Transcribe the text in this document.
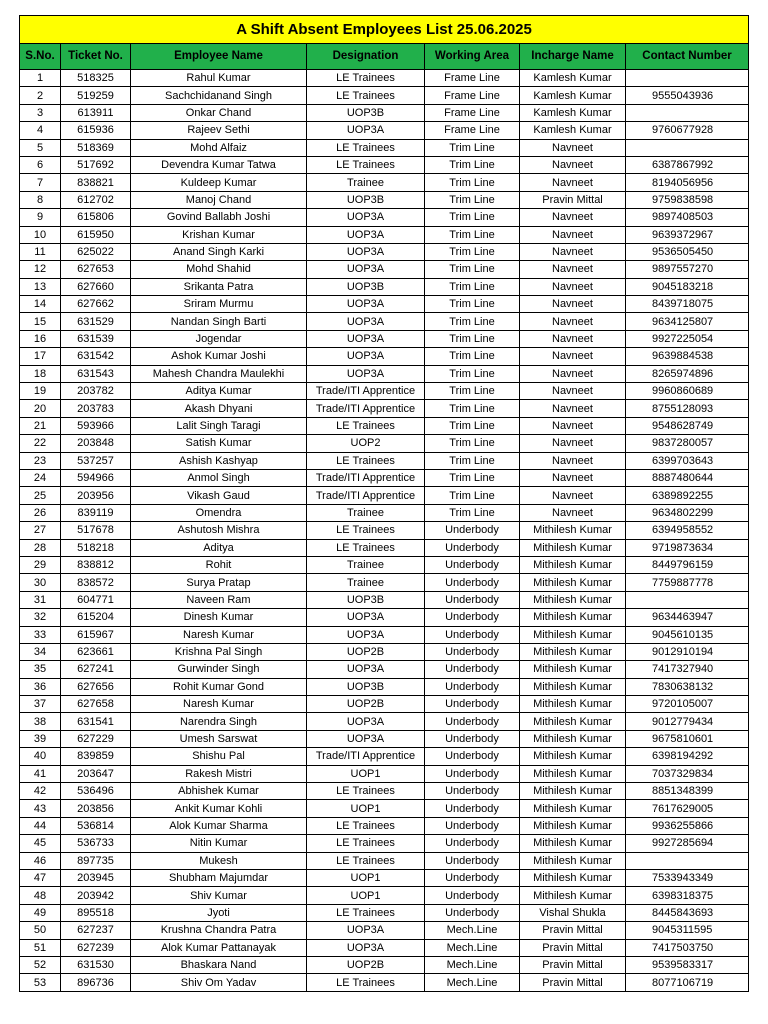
A Shift Absent Employees List 25.06.2025						
S.No.	Ticket No.	Employee Name	Designation	Working Area	Incharge Name	Contact Number
1	518325	Rahul Kumar	LE Trainees	Frame Line	Kamlesh Kumar	
2	519259	Sachchidanand Singh	LE Trainees	Frame Line	Kamlesh Kumar	9555043936
3	613911	Onkar Chand	UOP3B	Frame Line	Kamlesh Kumar	
4	615936	Rajeev Sethi	UOP3A	Frame Line	Kamlesh Kumar	9760677928
5	518369	Mohd Alfaiz	LE Trainees	Trim Line	Navneet	
6	517692	Devendra Kumar Tatwa	LE Trainees	Trim Line	Navneet	6387867992
7	838821	Kuldeep Kumar	Trainee	Trim Line	Navneet	8194056956
8	612702	Manoj Chand	UOP3B	Trim Line	Pravin Mittal	9759838598
9	615806	Govind Ballabh Joshi	UOP3A	Trim Line	Navneet	9897408503
10	615950	Krishan Kumar	UOP3A	Trim Line	Navneet	9639372967
11	625022	Anand Singh Karki	UOP3A	Trim Line	Navneet	9536505450
12	627653	Mohd Shahid	UOP3A	Trim Line	Navneet	9897557270
13	627660	Srikanta Patra	UOP3B	Trim Line	Navneet	9045183218
14	627662	Sriram Murmu	UOP3A	Trim Line	Navneet	8439718075
15	631529	Nandan Singh Barti	UOP3A	Trim Line	Navneet	9634125807
16	631539	Jogendar	UOP3A	Trim Line	Navneet	9927225054
17	631542	Ashok Kumar Joshi	UOP3A	Trim Line	Navneet	9639884538
18	631543	Mahesh Chandra Maulekhi	UOP3A	Trim Line	Navneet	8265974896
19	203782	Aditya Kumar	Trade/ITI Apprentice	Trim Line	Navneet	9960860689
20	203783	Akash Dhyani	Trade/ITI Apprentice	Trim Line	Navneet	8755128093
21	593966	Lalit Singh Taragi	LE Trainees	Trim Line	Navneet	9548628749
22	203848	Satish Kumar	UOP2	Trim Line	Navneet	9837280057
23	537257	Ashish Kashyap	LE Trainees	Trim Line	Navneet	6399703643
24	594966	Anmol Singh	Trade/ITI Apprentice	Trim Line	Navneet	8887480644
25	203956	Vikash Gaud	Trade/ITI Apprentice	Trim Line	Navneet	6389892255
26	839119	Omendra	Trainee	Trim Line	Navneet	9634802299
27	517678	Ashutosh Mishra	LE Trainees	Underbody	Mithilesh Kumar	6394958552
28	518218	Aditya	LE Trainees	Underbody	Mithilesh Kumar	9719873634
29	838812	Rohit	Trainee	Underbody	Mithilesh Kumar	8449796159
30	838572	Surya Pratap	Trainee	Underbody	Mithilesh Kumar	7759887778
31	604771	Naveen Ram	UOP3B	Underbody	Mithilesh Kumar	
32	615204	Dinesh Kumar	UOP3A	Underbody	Mithilesh Kumar	9634463947
33	615967	Naresh Kumar	UOP3A	Underbody	Mithilesh Kumar	9045610135
34	623661	Krishna Pal Singh	UOP2B	Underbody	Mithilesh Kumar	9012910194
35	627241	Gurwinder Singh	UOP3A	Underbody	Mithilesh Kumar	7417327940
36	627656	Rohit Kumar Gond	UOP3B	Underbody	Mithilesh Kumar	7830638132
37	627658	Naresh Kumar	UOP2B	Underbody	Mithilesh Kumar	9720105007
38	631541	Narendra Singh	UOP3A	Underbody	Mithilesh Kumar	9012779434
39	627229	Umesh Sarswat	UOP3A	Underbody	Mithilesh Kumar	9675810601
40	839859	Shishu Pal	Trade/ITI Apprentice	Underbody	Mithilesh Kumar	6398194292
41	203647	Rakesh Mistri	UOP1	Underbody	Mithilesh Kumar	7037329834
42	536496	Abhishek Kumar	LE Trainees	Underbody	Mithilesh Kumar	8851348399
43	203856	Ankit Kumar Kohli	UOP1	Underbody	Mithilesh Kumar	7617629005
44	536814	Alok Kumar Sharma	LE Trainees	Underbody	Mithilesh Kumar	9936255866
45	536733	Nitin Kumar	LE Trainees	Underbody	Mithilesh Kumar	9927285694
46	897735	Mukesh	LE Trainees	Underbody	Mithilesh Kumar	
47	203945	Shubham Majumdar	UOP1	Underbody	Mithilesh Kumar	7533943349
48	203942	Shiv Kumar	UOP1	Underbody	Mithilesh Kumar	6398318375
49	895518	Jyoti	LE Trainees	Underbody	Vishal Shukla	8445843693
50	627237	Krushna Chandra Patra	UOP3A	Mech.Line	Pravin Mittal	9045311595
51	627239	Alok Kumar Pattanayak	UOP3A	Mech.Line	Pravin Mittal	7417503750
52	631530	Bhaskara Nand	UOP2B	Mech.Line	Pravin Mittal	9539583317
53	896736	Shiv Om Yadav	LE Trainees	Mech.Line	Pravin Mittal	8077106719
